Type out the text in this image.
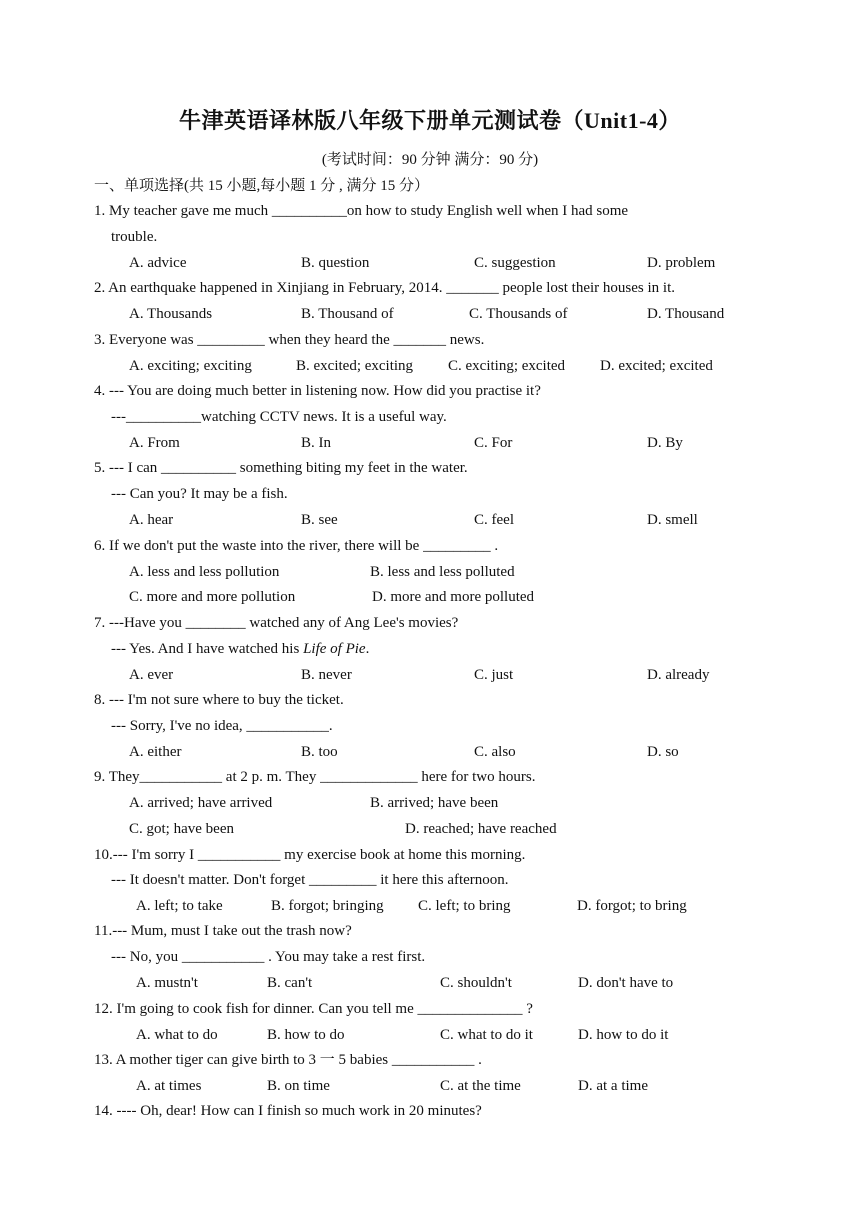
牛津英语译林版八年级下册单元测试卷（Unit1-4）
(考试时间：90 分钟 满分：90 分)
一、单项选择(共 15 小题,每小题 1 分 , 满分 15 分）
1. My teacher gave me much __________on how to study English well when I had some
trouble.
A. advice	B. question	C. suggestion	D. problem
2. An earthquake happened in Xinjiang in February, 2014. _______ people lost their houses in it.
A. Thousands	B. Thousand of	C. Thousands of	D. Thousand
3. Everyone was _________ when they heard the _______ news.
A. exciting; exciting	B. excited; exciting C. exciting; excited D. excited; excited
4. --- You are doing much better in listening now. How did you practise it?
---__________watching CCTV news. It is a useful way.
A. From	B. In	C. For	D. By
5. --- I can __________ something biting my feet in the water.
--- Can you? It may be a fish.
A. hear	B. see	C. feel	D. smell
6. If we don't put the waste into the river, there will be _________ .
A. less and less pollution	B. less and less polluted
C. more and more pollution	D. more and more polluted
7. ---Have you ________ watched any of Ang Lee's movies?
--- Yes. And I have watched his Life of Pie.
A. ever	B. never	C. just	D. already
8. --- I'm not sure where to buy the ticket.
--- Sorry, I've no idea, ___________.
A. either	B. too	C. also	D. so
9. They___________ at 2 p. m. They _____________ here for two hours.
A. arrived; have arrived	B. arrived; have been
C. got; have been	D. reached; have reached
10.--- I'm sorry I ___________ my exercise book at home this morning.
--- It doesn't matter. Don't forget _________ it here this afternoon.
A. left; to take	B. forgot; bringing C. left; to bring	D. forgot; to bring
11.--- Mum, must I take out the trash now?
--- No, you ___________ . You may take a rest first.
A. mustn't	B. can't	C. shouldn't	D. don't have to
12. I'm going to cook fish for dinner. Can you tell me ______________ ?
A. what to do	B. how to do	C. what to do it	D. how to do it
13. A mother tiger can give birth to 3 一 5 babies ___________ .
A. at times	B. on time	C. at the time	D. at a time
14. ---- Oh, dear! How can I finish so much work in 20 minutes?
